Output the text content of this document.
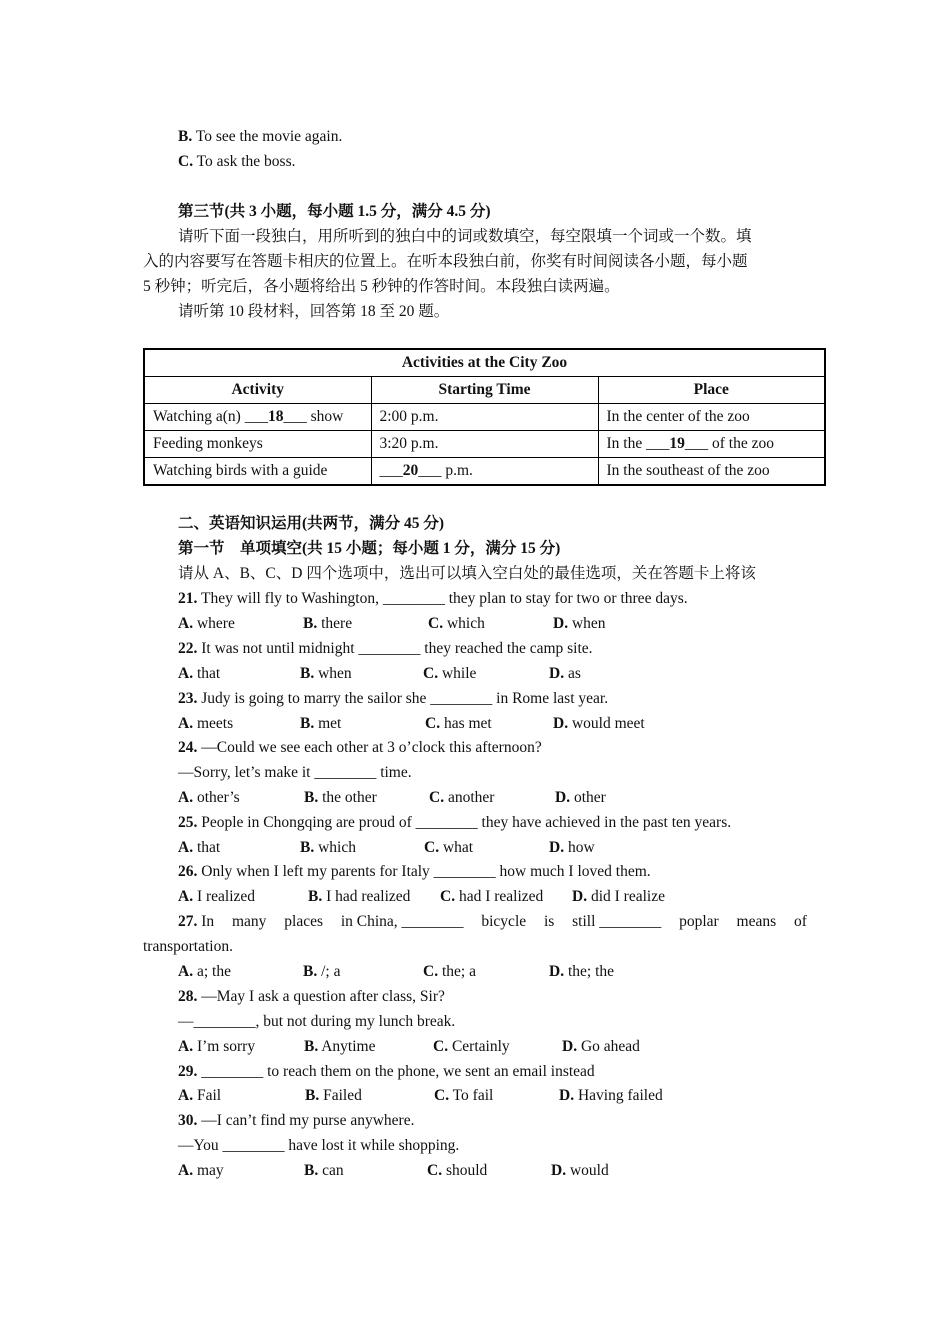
B. To see the movie again.
C. To ask the boss.
第三节(共 3 小题，每小题 1.5 分，满分 4.5 分)
请听下面一段独白，用所听到的独白中的词或数填空，每空限填一个词或一个数。填
入的内容要写在答题卡相庆的位置上。在听本段独白前，你奖有时间阅读各小题，每小题
5 秒钟；听完后，各小题将给出 5 秒钟的作答时间。本段独白读两遍。
请听第 10 段材料，回答第 18 至 20 题。
Activities at the City Zoo		
Activity	Starting Time	Place
Watching a(n) ___18___ show	2:00 p.m.	In the center of the zoo
Feeding monkeys	3:20 p.m.	In the ___19___ of the zoo
Watching birds with a guide	___20___ p.m.	In the southeast of the zoo
二、英语知识运用(共两节，满分 45 分)
第一节　单项填空(共 15 小题；每小题 1 分，满分 15 分)
请从 A、B、C、D 四个选项中，选出可以填入空白处的最佳选项，关在答题卡上将该
21. They will fly to Washington, ________ they plan to stay for two or three days.
A. where	B. there	C. which	D. when
22. It was not until midnight ________ they reached the camp site.
A. that	B. when	C. while	D. as
23. Judy is going to marry the sailor she ________ in Rome last year.
A. meets	B. met	C. has met	D. would meet
24. —Could we see each other at 3 o’clock this afternoon?
—Sorry, let’s make it ________ time.
A. other’s	B. the other	C. another	D. other
25. People in Chongqing are proud of ________ they have achieved in the past ten years.
A. that	B. which	C. what	D. how
26. Only when I left my parents for Italy ________ how much I loved them.
A. I realized	B. I had realized C. had I realized D. did I realize
27. In many places in China, ________ bicycle is still ________ poplar means of
transportation.
A. a; the	B. /; a	C. the; a	D. the; the
28. —May I ask a question after class, Sir?
—________, but not during my lunch break.
A. I’m sorry	B. Anytime	C. Certainly	D. Go ahead
29. ________ to reach them on the phone, we sent an email instead
A. Fail	B. Failed	C. To fail	D. Having failed
30. —I can’t find my purse anywhere.
—You ________ have lost it while shopping.
A. may	B. can	C. should	D. would
